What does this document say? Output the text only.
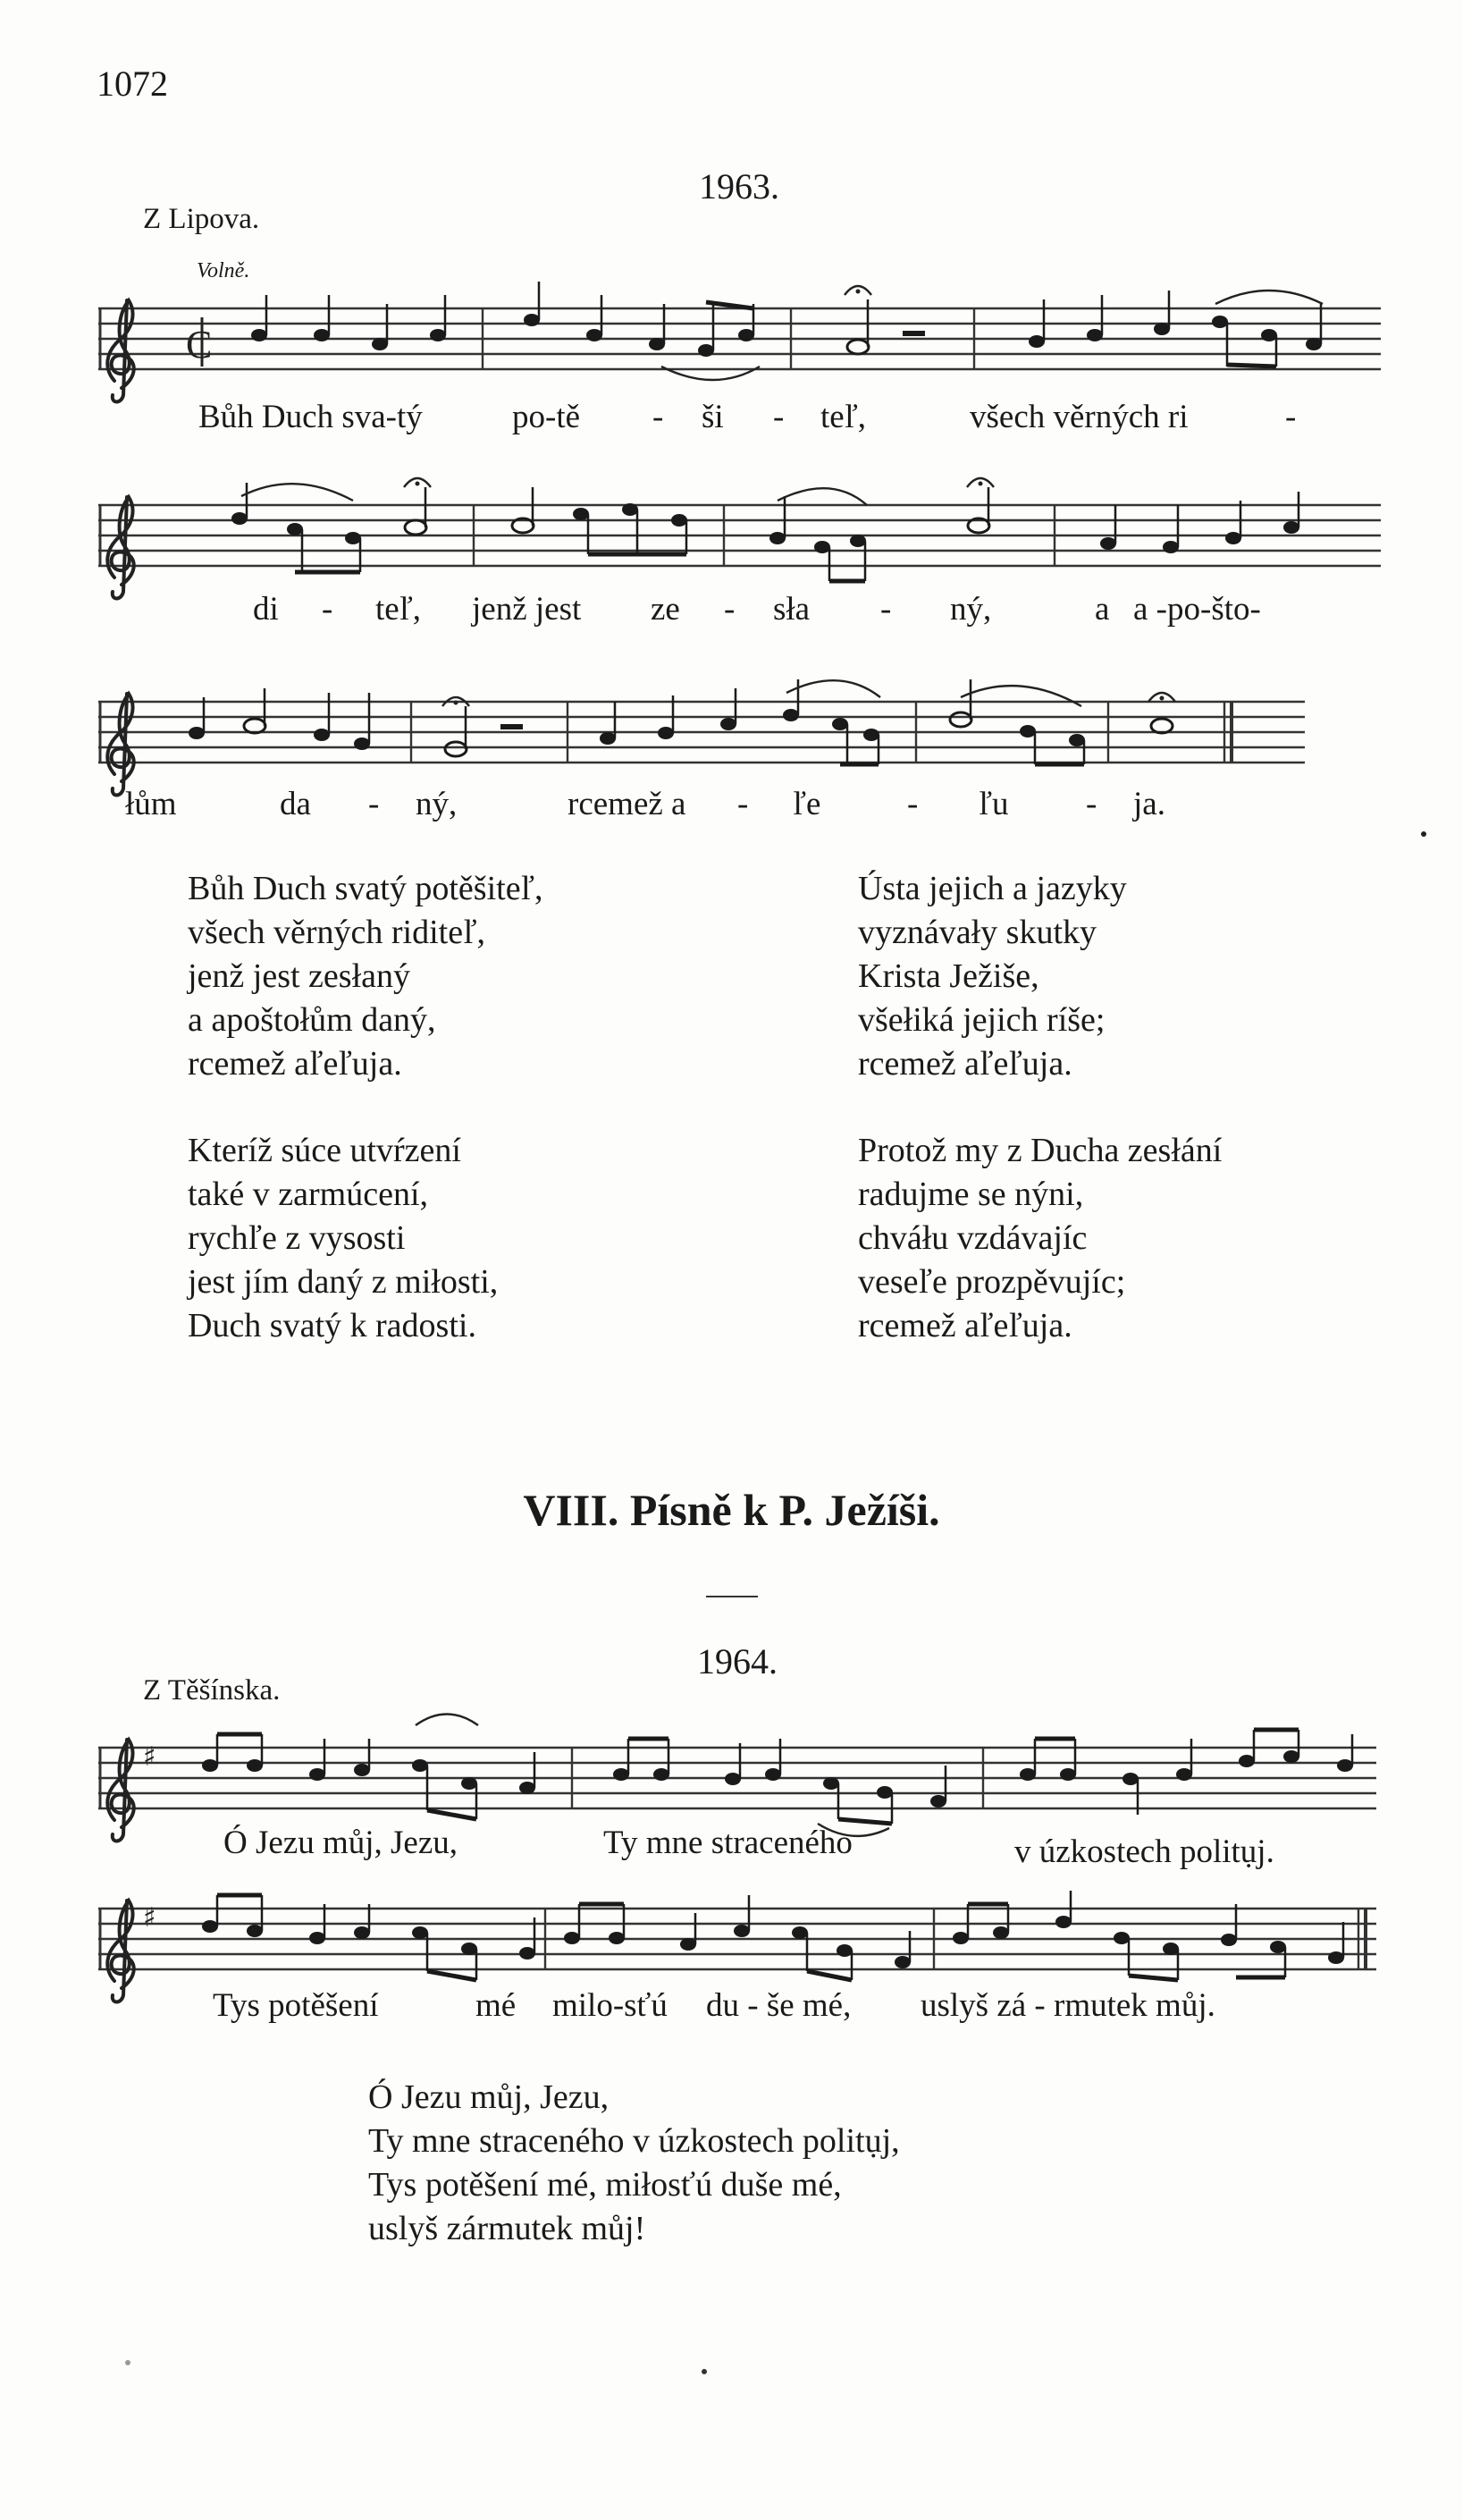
1072
1963.
Z Lipova.
Volně.
C
♯
♯
Bůh Duch sva-tý	po-tě - ši - teľ,	všech věrných ri	-
di - teľ, jenž jest ze - sła - ný,	a a -po-što-
łům	da - ný,	rcemež a - ľe	- ľu - ja.
Bůh Duch svatý potěšiteľ,
všech věrných riditeľ,
jenž jest zesłaný
a apoštołům daný,
rcemež aľeľuja.
Ústa jejich a jazyky
vyznávały skutky
Krista Ježiše,
všełiká jejich ríše;
rcemež aľeľuja.
Kteríž súce utvŕzení
také v zarmúcení,
rychľe z vysosti
jest jím daný z miłosti,
Duch svatý k radosti.
Protož my z Ducha zesłání
radujme se nýni,
chváłu vzdávajíc
veseľe prozpěvujíc;
rcemež aľeľuja.
VIII. Písně k P. Ježíši.
1964.
Z Těšínska.
Ó Jezu můj, Jezu,	Ty mne straceného	v úzkostech politụj.
Tys potěšení	mé milo-sťú du - še mé, uslyš zá - rmutek můj.
Ó Jezu můj, Jezu,
Ty mne straceného v úzkostech politụj,
Tys potěšení mé, miłosťú duše mé,
uslyš zármutek můj!
